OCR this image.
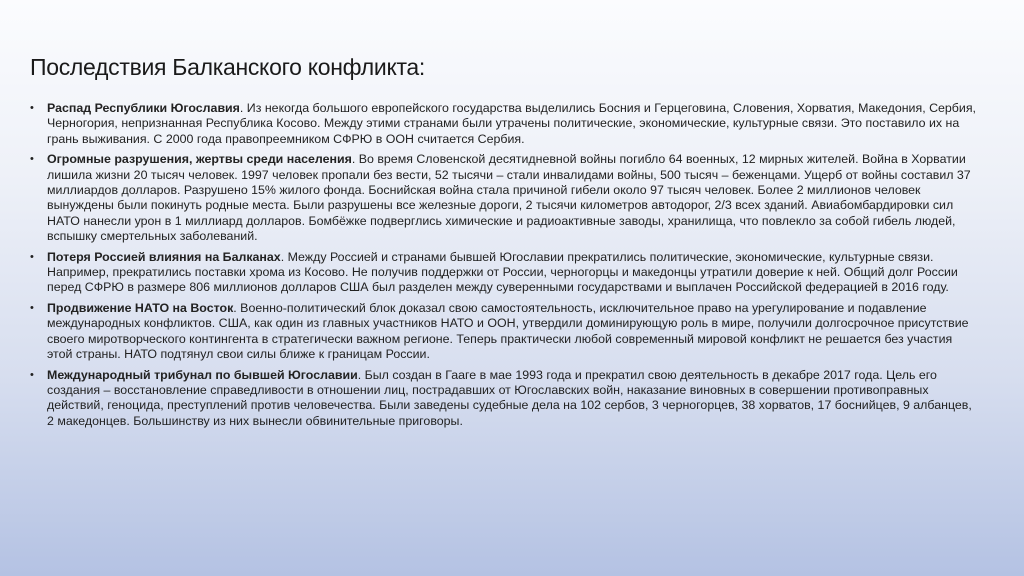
Последствия Балканского конфликта:
• Распад Республики Югославия. Из некогда большого европейского государства выделились Босния и Герцеговина, Словения, Хорватия, Македония, Сербия, Черногория, непризнанная Республика Косово. Между этими странами были утрачены политические, экономические, культурные связи. Это поставило их на грань выживания. С 2000 года правопреемником СФРЮ в ООН считается Сербия.
• Огромные разрушения, жертвы среди населения. Во время Словенской десятидневной войны погибло 64 военных, 12 мирных жителей. Война в Хорватии лишила жизни 20 тысяч человек. 1997 человек пропали без вести, 52 тысячи – стали инвалидами войны, 500 тысяч – беженцами. Ущерб от войны составил 37 миллиардов долларов. Разрушено 15% жилого фонда. Боснийская война стала причиной гибели около 97 тысяч человек. Более 2 миллионов человек вынуждены были покинуть родные места. Были разрушены все железные дороги, 2 тысячи километров автодорог, 2/3 всех зданий. Авиабомбардировки сил НАТО нанесли урон в 1 миллиард долларов. Бомбёжке подверглись химические и радиоактивные заводы, хранилища, что повлекло за собой гибель людей, вспышку смертельных заболеваний.
• Потеря Россией влияния на Балканах. Между Россией и странами бывшей Югославии прекратились политические, экономические, культурные связи. Например, прекратились поставки хрома из Косово. Не получив поддержки от России, черногорцы и македонцы утратили доверие к ней. Общий долг России перед СФРЮ в размере 806 миллионов долларов США был разделен между суверенными государствами и выплачен Российской федерацией в 2016 году.
• Продвижение НАТО на Восток. Военно-политический блок доказал свою самостоятельность, исключительное право на урегулирование и подавление международных конфликтов. США, как один из главных участников НАТО и ООН, утвердили доминирующую роль в мире, получили долгосрочное присутствие своего миротворческого контингента в стратегически важном регионе. Теперь практически любой современный мировой конфликт не решается без участия этой страны. НАТО подтянул свои силы ближе к границам России.
• Международный трибунал по бывшей Югославии. Был создан в Гааге в мае 1993 года и прекратил свою деятельность в декабре 2017 года. Цель его создания – восстановление справедливости в отношении лиц, пострадавших от Югославских войн, наказание виновных в совершении противоправных действий, геноцида, преступлений против человечества. Были заведены судебные дела на 102 сербов, 3 черногорцев, 38 хорватов, 17 боснийцев, 9 албанцев, 2 македонцев. Большинству из них вынесли обвинительные приговоры.
